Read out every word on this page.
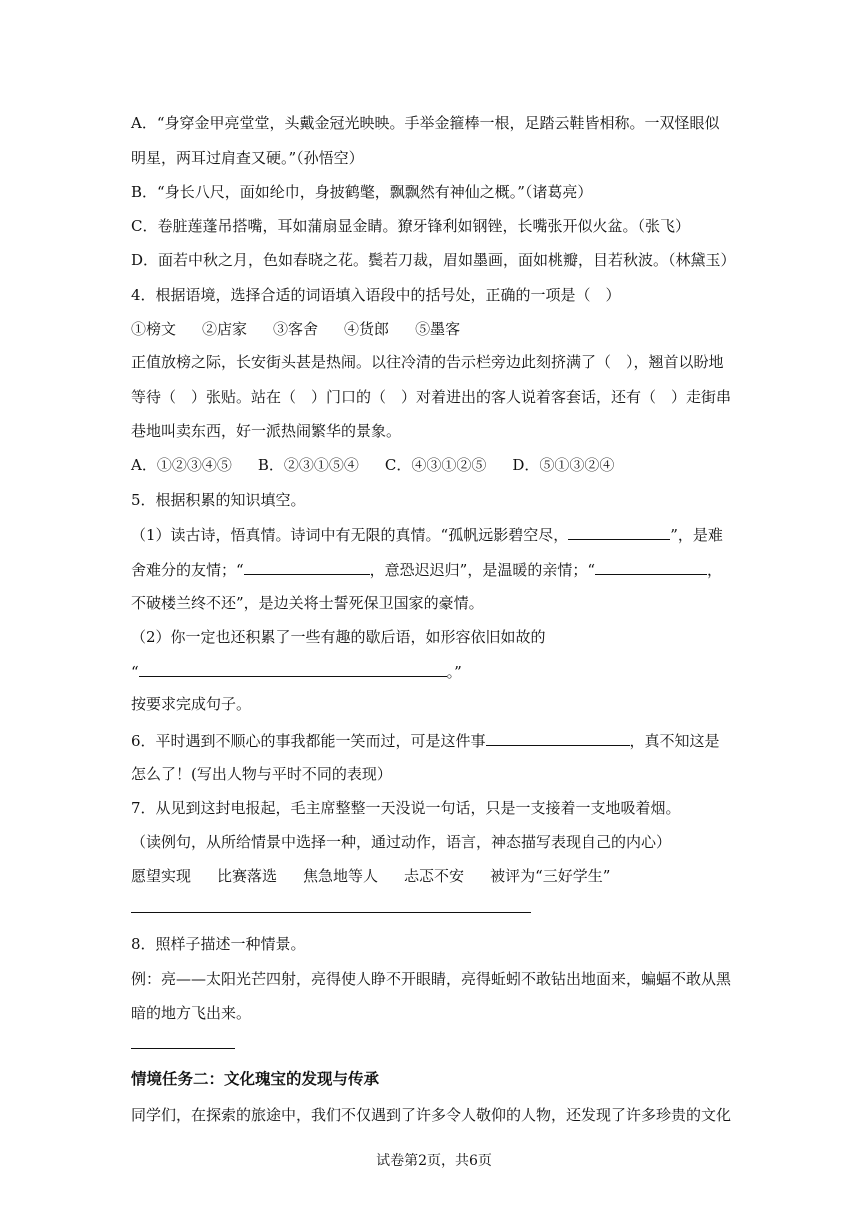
A．“身穿金甲亮堂堂，头戴金冠光映映。手举金箍棒一根，足踏云鞋皆相称。一双怪眼似
明星，两耳过肩查又硬。”（孙悟空）
B．“身长八尺，面如纶巾，身披鹤氅，飘飘然有神仙之概。”（诸葛亮）
C．卷脏莲蓬吊搭嘴，耳如蒲扇显金睛。獠牙锋利如钢锉，长嘴张开似火盆。（张飞）
D．面若中秋之月，色如春晓之花。鬓若刀裁，眉如墨画，面如桃瓣，目若秋波。（林黛玉）
4．根据语境，选择合适的词语填入语段中的括号处，正确的一项是（　）
①榜文 ②店家 ③客舍 ④货郎 ⑤墨客
正值放榜之际，长安街头甚是热闹。以往冷清的告示栏旁边此刻挤满了（　），翘首以盼地
等待（　）张贴。站在（　）门口的（　）对着进出的客人说着客套话，还有（　）走街串
巷地叫卖东西，好一派热闹繁华的景象。
A．①②③④⑤ B．②③①⑤④ C．④③①②⑤ D．⑤①③②④
5．根据积累的知识填空。
（1）读古诗，悟真情。诗词中有无限的真情。“孤帆远影碧空尽，	”，是难
舍难分的友情；“	，意恐迟迟归”，是温暖的亲情；“	，
不破楼兰终不还”，是边关将士誓死保卫国家的豪情。
（2）你一定也还积累了一些有趣的歇后语，如形容依旧如故的
“	。”
按要求完成句子。
6．平时遇到不顺心的事我都能一笑而过，可是这件事	，真不知这是
怎么了！(写出人物与平时不同的表现）
7．从见到这封电报起，毛主席整整一天没说一句话，只是一支接着一支地吸着烟。
（读例句，从所给情景中选择一种，通过动作，语言，神态描写表现自己的内心）
愿望实现 比赛落选 焦急地等人 忐忑不安 被评为“三好学生”
8．照样子描述一种情景。
例：亮——太阳光芒四射，亮得使人睁不开眼睛，亮得蚯蚓不敢钻出地面来，蝙蝠不敢从黑
暗的地方飞出来。
情境任务二：文化瑰宝的发现与传承
同学们，在探索的旅途中，我们不仅遇到了许多令人敬仰的人物，还发现了许多珍贵的文化
试卷第2页，共6页
